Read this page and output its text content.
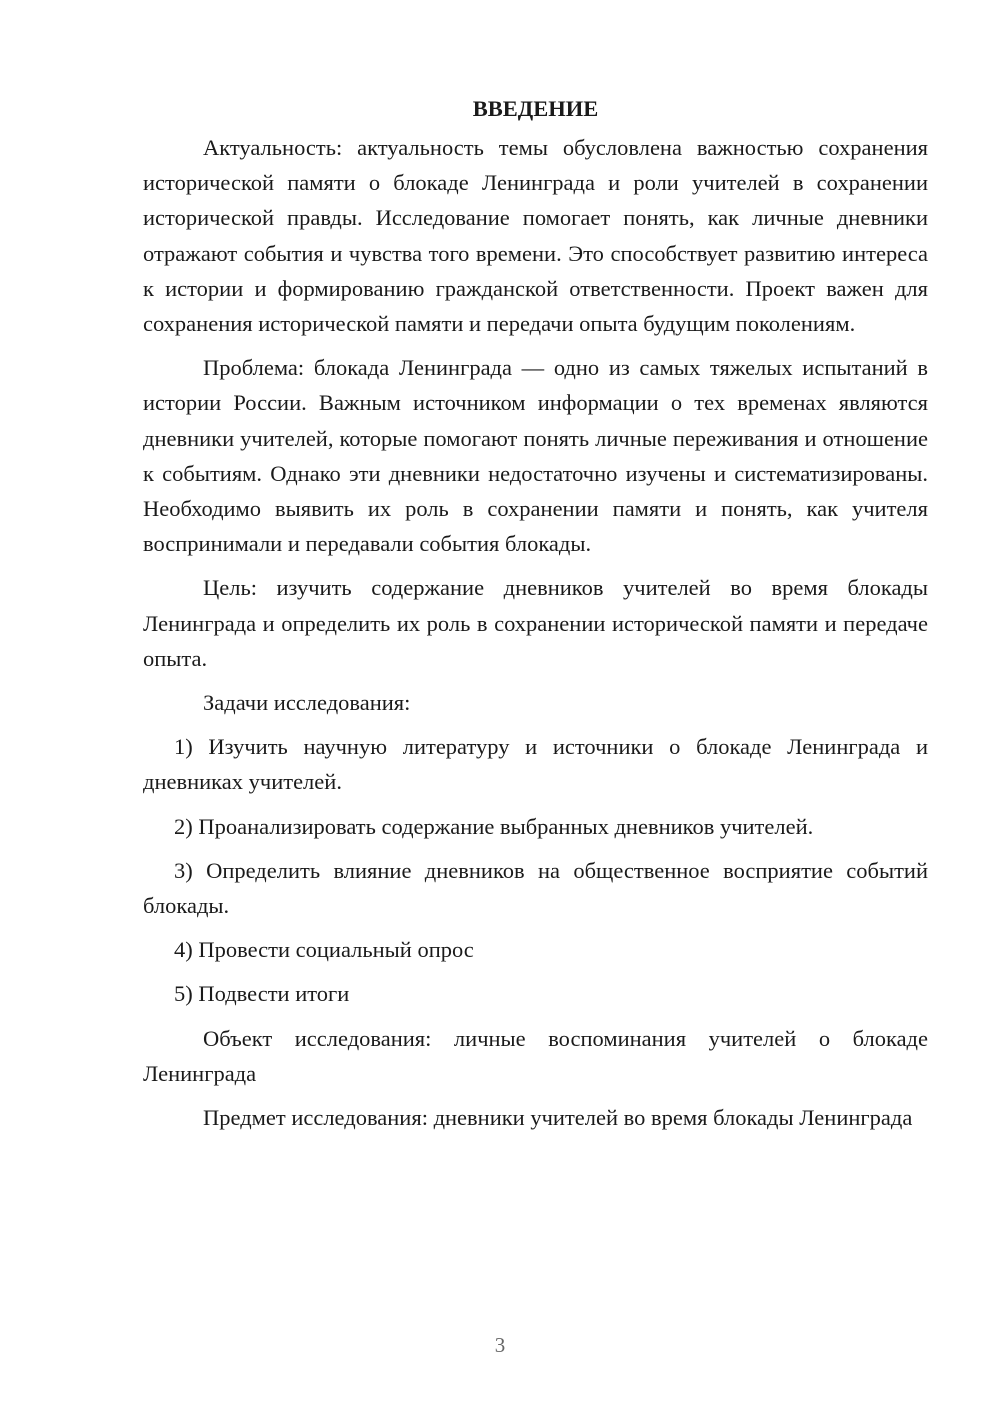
ВВЕДЕНИЕ

Актуальность: актуальность темы обусловлена важностью сохранения исторической памяти о блокаде Ленинграда и роли учителей в сохранении исторической правды. Исследование помогает понять, как личные дневники отражают события и чувства того времени. Это способствует развитию интереса к истории и формированию гражданской ответственности. Проект важен для сохранения исторической памяти и передачи опыта будущим поколениям.

Проблема: блокада Ленинграда — одно из самых тяжелых испытаний в истории России. Важным источником информации о тех временах являются дневники учителей, которые помогают понять личные переживания и отношение к событиям. Однако эти дневники недостаточно изучены и систематизированы. Необходимо выявить их роль в сохранении памяти и понять, как учителя воспринимали и передавали события блокады.

Цель: изучить содержание дневников учителей во время блокады Ленинграда и определить их роль в сохранении исторической памяти и передаче опыта.

Задачи исследования:

1) Изучить научную литературу и источники о блокаде Ленинграда и дневниках учителей.

2) Проанализировать содержание выбранных дневников учителей.

3) Определить влияние дневников на общественное восприятие событий блокады.

4) Провести социальный опрос

5) Подвести итоги

Объект исследования: личные воспоминания учителей о блокаде Ленинграда

Предмет исследования: дневники учителей во время блокады Ленинграда

3
